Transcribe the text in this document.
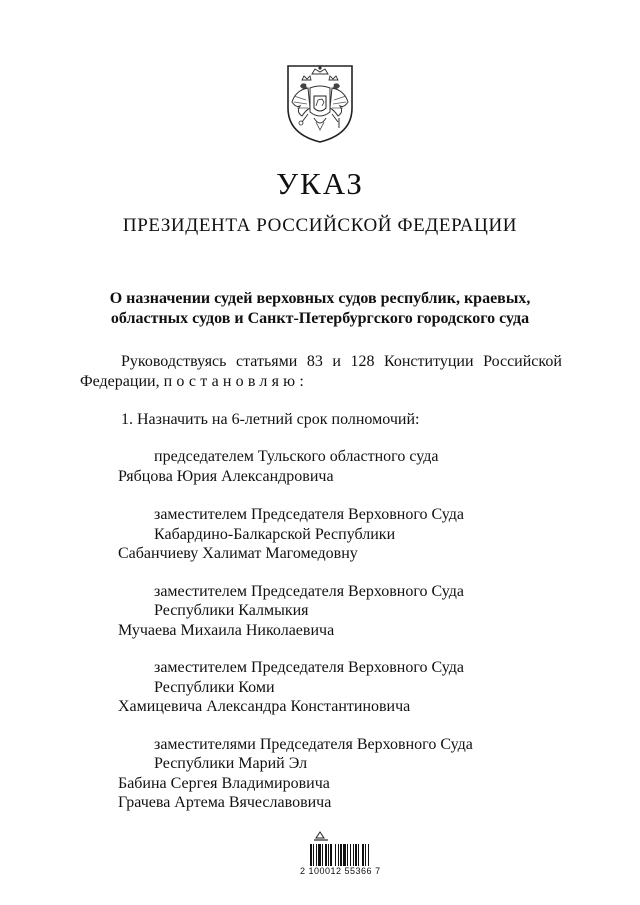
УКАЗ
ПРЕЗИДЕНТА РОССИЙСКОЙ ФЕДЕРАЦИИ
О назначении судей верховных судов республик, краевых,
областных судов и Санкт-Петербургского городского суда
Руководствуясь статьями 83 и 128 Конституции Российской
Федерации, постановляю:
1. Назначить на 6-летний срок полномочий:
председателем Тульского областного суда
Рябцова Юрия Александровича
заместителем Председателя Верховного Суда
Кабардино-Балкарской Республики
Сабанчиеву Халимат Магомедовну
заместителем Председателя Верховного Суда
Республики Калмыкия
Мучаева Михаила Николаевича
заместителем Председателя Верховного Суда
Республики Коми
Хамицевича Александра Константиновича
заместителями Председателя Верховного Суда
Республики Марий Эл
Бабина Сергея Владимировича
Грачева Артема Вячеславовича
2 100012 55366 7
